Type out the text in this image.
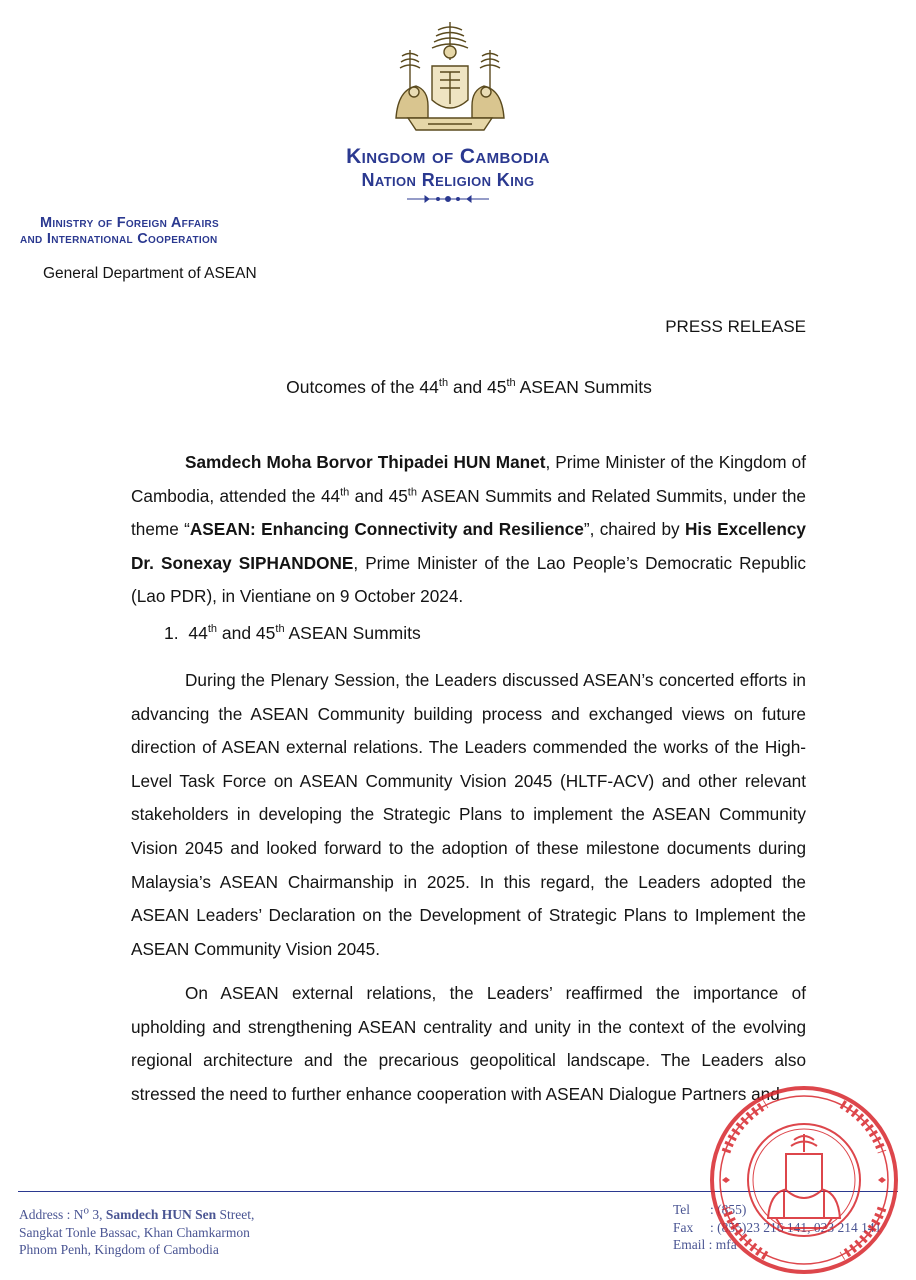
Kingdom of Cambodia
Nation Religion King
Ministry of Foreign Affairs
and International Cooperation
General Department of ASEAN
PRESS RELEASE
Outcomes of the 44th and 45th ASEAN Summits

Samdech Moha Borvor Thipadei HUN Manet, Prime Minister of the Kingdom of Cambodia, attended the 44th and 45th ASEAN Summits and Related Summits, under the theme “ASEAN: Enhancing Connectivity and Resilience”, chaired by His Excellency Dr. Sonexay SIPHANDONE, Prime Minister of the Lao People’s Democratic Republic (Lao PDR), in Vientiane on 9 October 2024.

1. 44th and 45th ASEAN Summits

During the Plenary Session, the Leaders discussed ASEAN’s concerted efforts in advancing the ASEAN Community building process and exchanged views on future direction of ASEAN external relations. The Leaders commended the works of the High-Level Task Force on ASEAN Community Vision 2045 (HLTF-ACV) and other relevant stakeholders in developing the Strategic Plans to implement the ASEAN Community Vision 2045 and looked forward to the adoption of these milestone documents during Malaysia’s ASEAN Chairmanship in 2025. In this regard, the Leaders adopted the ASEAN Leaders’ Declaration on the Development of Strategic Plans to Implement the ASEAN Community Vision 2045.

On ASEAN external relations, the Leaders’ reaffirmed the importance of upholding and strengthening ASEAN centrality and unity in the context of the evolving regional architecture and the precarious geopolitical landscape. The Leaders also stressed the need to further enhance cooperation with ASEAN Dialogue Partners and

Address : $N^o$ 3, Samdech HUN Sen Street,
Sangkat Tonle Bassac, Khan Chamkarmon
Phnom Penh, Kingdom of Cambodia
Tel : (855)
Fax : (855)23 216 141, 023 214 141
Email : mfa
